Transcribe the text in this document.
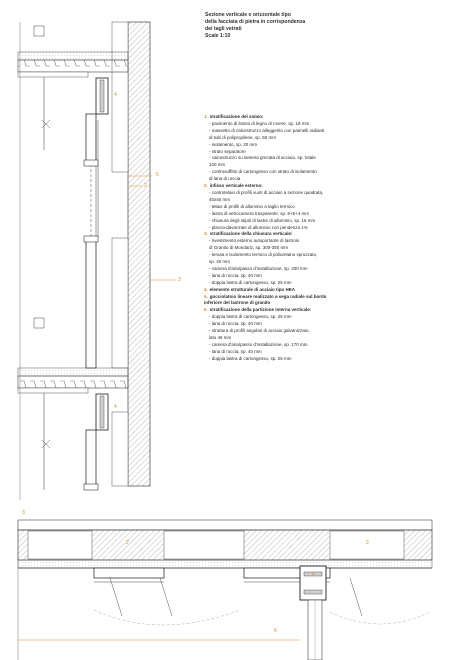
Sezione verticale e orizzontale tipo
della facciata di pietra in corrispondenza
dei tagli vetrati
Scale 1:10
4
2
5
3
4
3
2	2
4
6
1. stratificazione del solaio:
- pavimento di listoni di legno di rovere, sp. 18 mm
- massetto di calcestruzzo alleggerito con pannelli radianti
di tubi di polipropilene, sp. 50 mm
- isolamento, sp. 20 mm
- strato separatore
- calcestruzzo su lamiera grecata di acciaio, sp. totale
100 mm
- controsoffitto di cartongesso con strato di isolamento
di lana di roccia
2. infisso verticale esterno:
- controtelaio di profili vuoti di acciaio a sezione quadrata,
40x40 mm
- telaio di profili di alluminio a taglio termico
- lastra di vetrocamera trasparente, sp. 6+6+4 mm
- chiusura degli stipiti di lastre di alluminio, sp. 16 mm
- placca-davanzale di alluminio con pendenza 1%
3. stratificazione della chiusura verticale:
- rivestimento esterno autoportante di lastroni
di Granito di Mondariz, sp. 300-350 mm
- tenuta e isolamento termico di poliuretano spruzzato,
sp. 40 mm
- camera d'aria/passo d'installazione, sp. 200 mm
- lana di roccia, sp. 40 mm
- doppia lastra di cartongesso, sp. 25 mm
4. elemento strutturale di acciaio tipo HEA
5. gocciolatoio lineare realizzato a sega radiale sul bordo
inferiore del lastrone di granito
6. stratificazione della partizione interna verticale:
- doppia lastra di cartongesso, sp. 25 mm
- lana di roccia, sp. 40 mm
- struttura di profili angolari di acciaio galvanizzato,
lato 46 mm
- camera d'aria/passo d'installazione, sp. 170 mm
- lana di roccia, sp. 40 mm
- doppia lastra di cartongesso, sp. 25 mm
